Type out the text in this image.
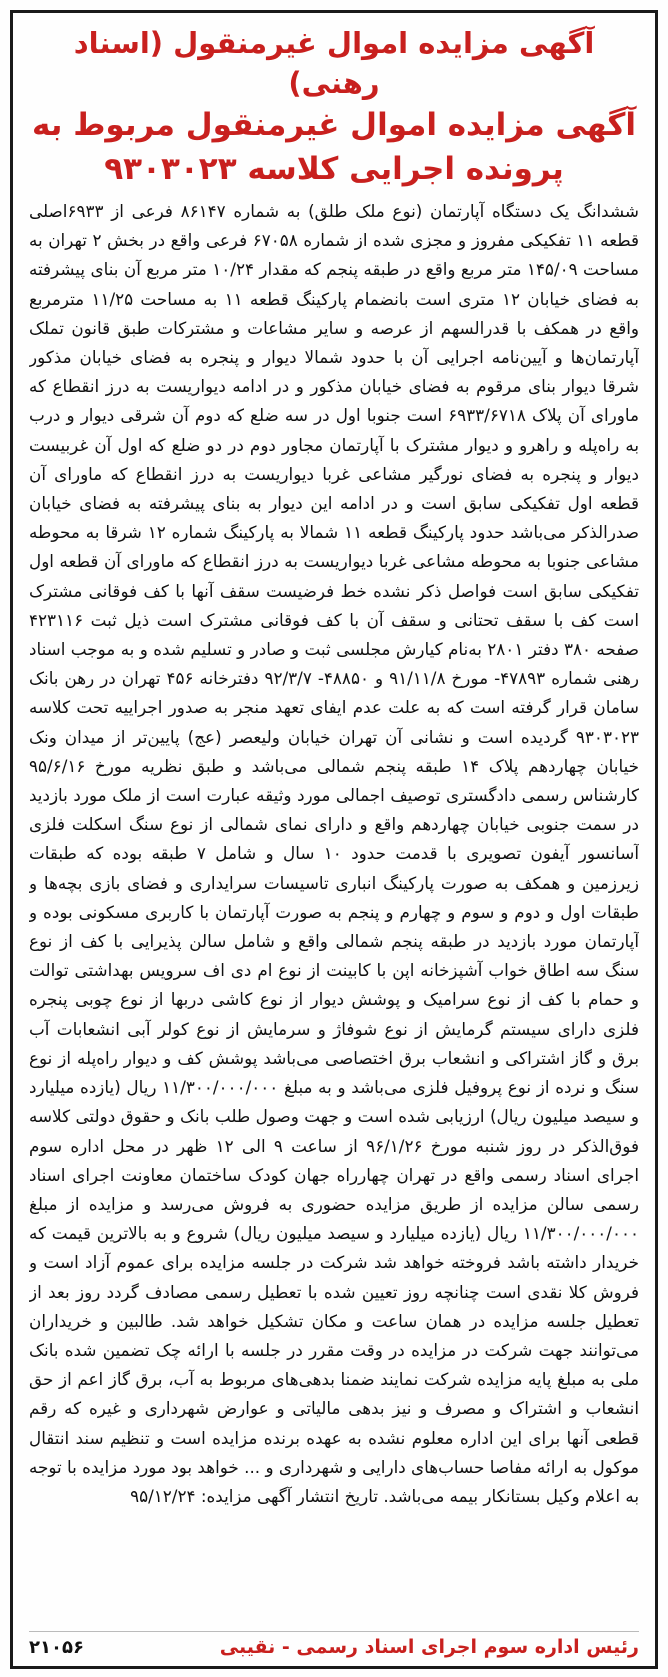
آگهی مزایده اموال غیرمنقول (اسناد رهنی)
آگهی مزایده اموال غیرمنقول مربوط به
پرونده اجرایی کلاسه ۹۳۰۳۰۲۳

ششدانگ یک دستگاه آپارتمان (نوع ملک طلق) به شماره ۸۶۱۴۷ فرعی از ۶۹۳۳اصلی قطعه ۱۱ تفکیکی مفروز و مجزی شده از شماره ۶۷۰۵۸ فرعی واقع در بخش ۲ تهران به مساحت ۱۴۵/۰۹ متر مربع واقع در طبقه پنجم که مقدار ۱۰/۲۴ متر مربع آن بنای پیشرفته به فضای خیابان ۱۲ متری است بانضمام پارکینگ قطعه ۱۱ به مساحت ۱۱/۲۵ مترمربع واقع در همکف با قدرالسهم از عرصه و سایر مشاعات و مشترکات طبق قانون تملک آپارتمان‌ها و آیین‌نامه اجرایی آن با حدود شمالا دیوار و پنجره به فضای خیابان مذکور شرقا دیوار بنای مرقوم به فضای خیابان مذکور و در ادامه دیواریست به درز انقطاع که ماورای آن پلاک ۶۹۳۳/۶۷۱۸ است جنوبا اول در سه ضلع که دوم آن شرقی دیوار و درب به راه‌پله و راهرو و دیوار مشترک با آپارتمان مجاور دوم در دو ضلع که اول آن غربیست دیوار و پنجره به فضای نورگیر مشاعی غربا دیواریست به درز انقطاع که ماورای آن قطعه اول تفکیکی سابق است و در ادامه این دیوار به بنای پیشرفته به فضای خیابان صدرالذکر می‌باشد حدود پارکینگ قطعه ۱۱ شمالا به پارکینگ شماره ۱۲ شرقا به محوطه مشاعی جنوبا به محوطه مشاعی غربا دیواریست به درز انقطاع که ماورای آن قطعه اول تفکیکی سابق است فواصل ذکر نشده خط فرضیست سقف آنها با کف فوقانی مشترک است کف با سقف تحتانی و سقف آن با کف فوقانی مشترک است ذیل ثبت ۴۲۳۱۱۶ صفحه ۳۸۰ دفتر ۲۸۰۱ به‌نام کیارش مجلسی ثبت و صادر و تسلیم شده و به موجب اسناد رهنی شماره ۴۷۸۹۳- مورخ ۹۱/۱۱/۸ و ۴۸۸۵۰- ۹۲/۳/۷ دفترخانه ۴۵۶ تهران در رهن بانک سامان قرار گرفته است که به علت عدم ایفای تعهد منجر به صدور اجراییه تحت کلاسه ۹۳۰۳۰۲۳ گردیده است و نشانی آن تهران خیابان ولیعصر (عج) پایین‌تر از میدان ونک خیابان چهاردهم پلاک ۱۴ طبقه پنجم شمالی می‌باشد و طبق نظریه مورخ ۹۵/۶/۱۶ کارشناس رسمی دادگستری توصیف اجمالی مورد وثیقه عبارت است از ملک مورد بازدید در سمت جنوبی خیابان چهاردهم واقع و دارای نمای شمالی از نوع سنگ اسکلت فلزی آسانسور آیفون تصویری با قدمت حدود ۱۰ سال و شامل ۷ طبقه بوده که طبقات زیرزمین و همکف به صورت پارکینگ انباری تاسیسات سرایداری و فضای بازی بچه‌ها و طبقات اول و دوم و سوم و چهارم و پنجم به صورت آپارتمان با کاربری مسکونی بوده و آپارتمان مورد بازدید در طبقه پنجم شمالی واقع و شامل سالن پذیرایی با کف از نوع سنگ سه اطاق خواب آشپزخانه اپن با کابینت از نوع ام دی اف سرویس بهداشتی توالت و حمام با کف از نوع سرامیک و پوشش دیوار از نوع کاشی دربها از نوع چوبی پنجره فلزی دارای سیستم گرمایش از نوع شوفاژ و سرمایش از نوع کولر آبی انشعابات آب برق و گاز اشتراکی و انشعاب برق اختصاصی می‌باشد پوشش کف و دیوار راه‌پله از نوع سنگ و نرده از نوع پروفیل فلزی می‌باشد و به مبلغ ۱۱/۳۰۰/۰۰۰/۰۰۰ ریال (یازده میلیارد و سیصد میلیون ریال) ارزیابی شده است و جهت وصول طلب بانک و حقوق دولتی کلاسه فوق‌الذکر در روز شنبه مورخ ۹۶/۱/۲۶ از ساعت ۹ الی ۱۲ ظهر در محل اداره سوم اجرای اسناد رسمی واقع در تهران چهارراه جهان کودک ساختمان معاونت اجرای اسناد رسمی سالن مزایده از طریق مزایده حضوری به فروش می‌رسد و مزایده از مبلغ ۱۱/۳۰۰/۰۰۰/۰۰۰ ریال (یازده میلیارد و سیصد میلیون ریال) شروع و به بالاترین قیمت که خریدار داشته باشد فروخته خواهد شد شرکت در جلسه مزایده برای عموم آزاد است و فروش کلا نقدی است چنانچه روز تعیین شده با تعطیل رسمی مصادف گردد روز بعد از تعطیل جلسه مزایده در همان ساعت و مکان تشکیل خواهد شد. طالبین و خریداران می‌توانند جهت شرکت در مزایده در وقت مقرر در جلسه با ارائه چک تضمین شده بانک ملی به مبلغ پایه مزایده شرکت نمایند ضمنا بدهی‌های مربوط به آب، برق گاز اعم از حق انشعاب و اشتراک و مصرف و نیز بدهی مالیاتی و عوارض شهرداری و غیره که رقم قطعی آنها برای این اداره معلوم نشده به عهده برنده مزایده است و تنظیم سند انتقال موکول به ارائه مفاصا حساب‌های دارایی و شهرداری و ... خواهد بود مورد مزایده با توجه به اعلام وکیل بستانکار بیمه می‌باشد. تاریخ انتشار آگهی مزایده: ۹۵/۱۲/۲۴

رئیس اداره سوم اجرای اسناد رسمی - نقیبی
۲۱۰۵۶
